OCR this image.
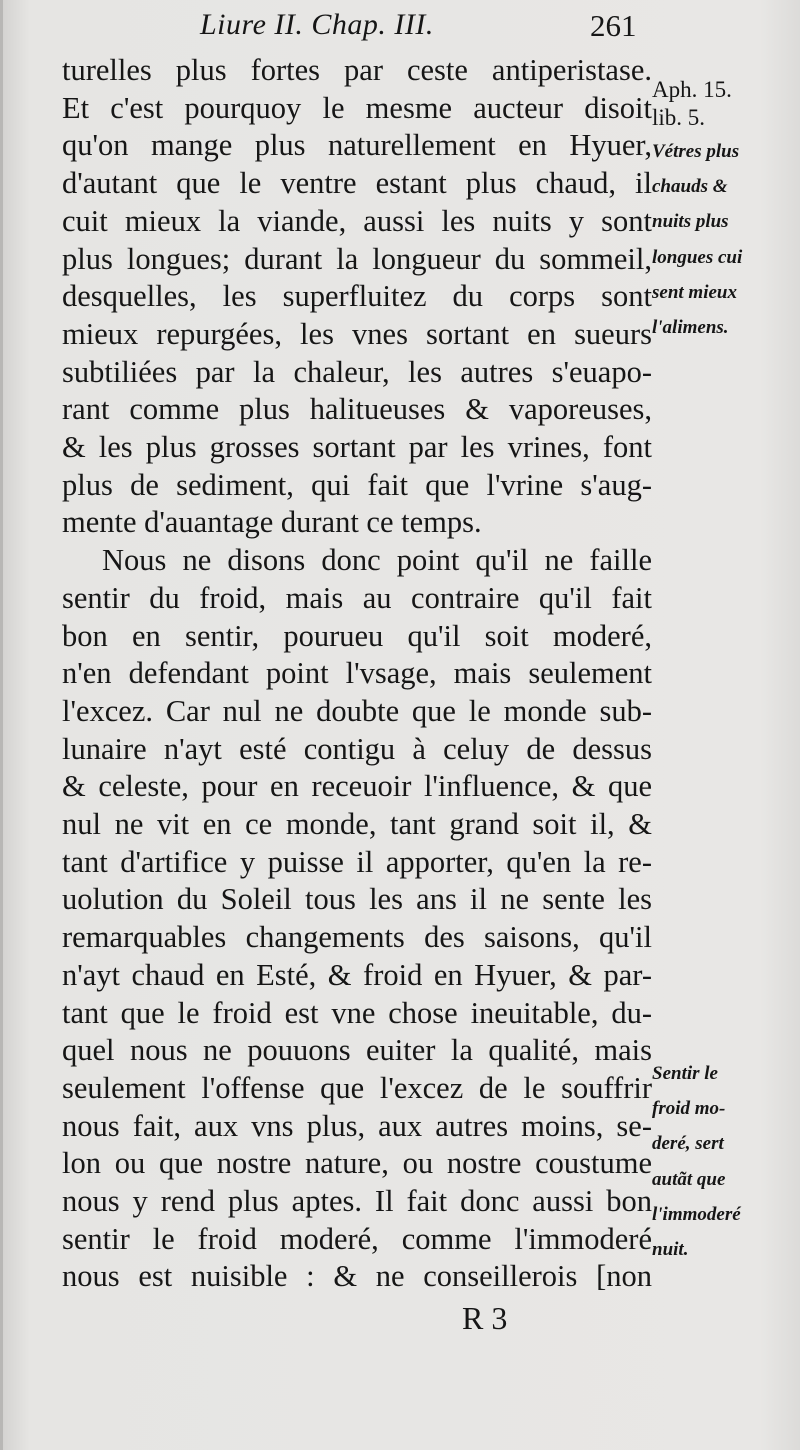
Liure II. Chap. III.	261
turelles plus fortes par ceste antiperistase.
Et c'est pourquoy le mesme aucteur disoit
qu'on mange plus naturellement en Hyuer,
d'autant que le ventre estant plus chaud, il
cuit mieux la viande, aussi les nuits y sont
plus longues; durant la longueur du sommeil,
desquelles, les superfluitez du corps sont
mieux repurgées, les vnes sortant en sueurs
subtiliées par la chaleur, les autres s'euapo-
rant comme plus halitueuses & vaporeuses,
& les plus grosses sortant par les vrines, font
plus de sediment, qui fait que l'vrine s'aug-
mente d'auantage durant ce temps.
Nous ne disons donc point qu'il ne faille
sentir du froid, mais au contraire qu'il fait
bon en sentir, pourueu qu'il soit moderé,
n'en defendant point l'vsage, mais seulement
l'excez. Car nul ne doubte que le monde sub-
lunaire n'ayt esté contigu à celuy de dessus
& celeste, pour en receuoir l'influence, & que
nul ne vit en ce monde, tant grand soit il, &
tant d'artifice y puisse il apporter, qu'en la re-
uolution du Soleil tous les ans il ne sente les
remarquables changements des saisons, qu'il
n'ayt chaud en Esté, & froid en Hyuer, & par-
tant que le froid est vne chose ineuitable, du-
quel nous ne pouuons euiter la qualité, mais
seulement l'offense que l'excez de le souffrir
nous fait, aux vns plus, aux autres moins, se-
lon ou que nostre nature, ou nostre coustume
nous y rend plus aptes. Il fait donc aussi bon
sentir le froid moderé, comme l'immoderé
nous est nuisible : & ne conseillerois [non
Aph. 15.
lib. 5.
Vétres plus
chauds &
nuits plus
longues cui
sent mieux
l'alimens.
Sentir le
froid mo-
deré, sert
autãt que
l'immoderé
nuit.
R 3
